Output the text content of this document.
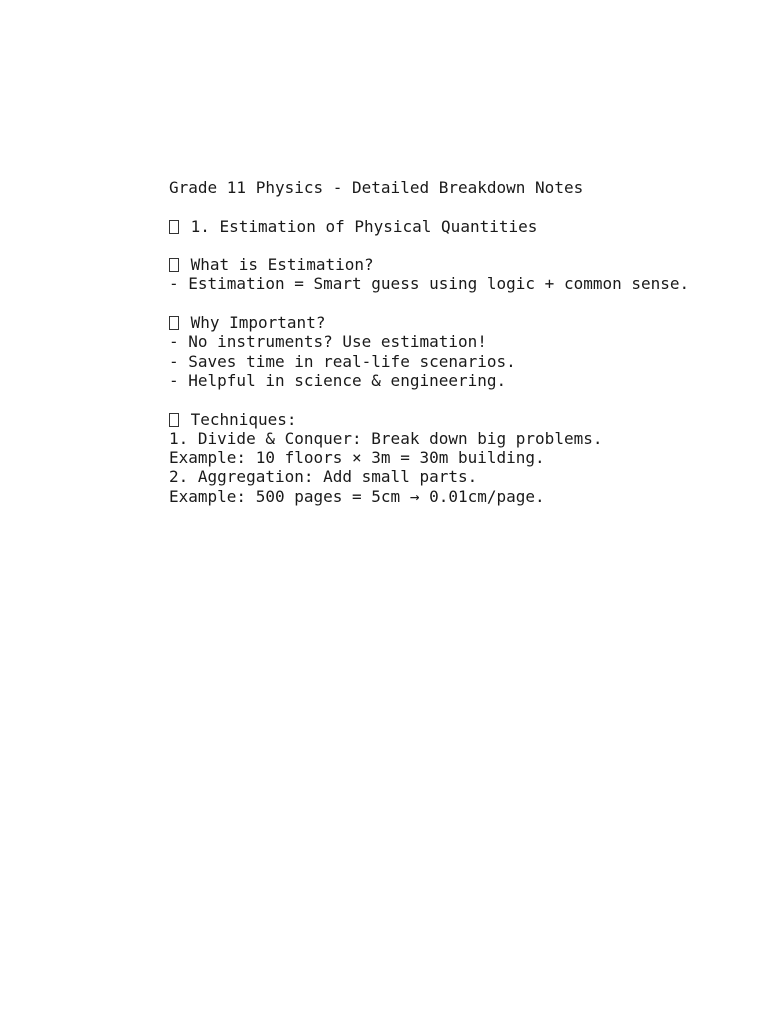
Grade 11 Physics - Detailed Breakdown Notes
1. Estimation of Physical Quantities
What is Estimation?
- Estimation = Smart guess using logic + common sense.
Why Important?
- No instruments? Use estimation!
- Saves time in real-life scenarios.
- Helpful in science & engineering.
Techniques:
1. Divide & Conquer: Break down big problems.
Example: 10 floors × 3m = 30m building.
2. Aggregation: Add small parts.
Example: 500 pages = 5cm → 0.01cm/page.
